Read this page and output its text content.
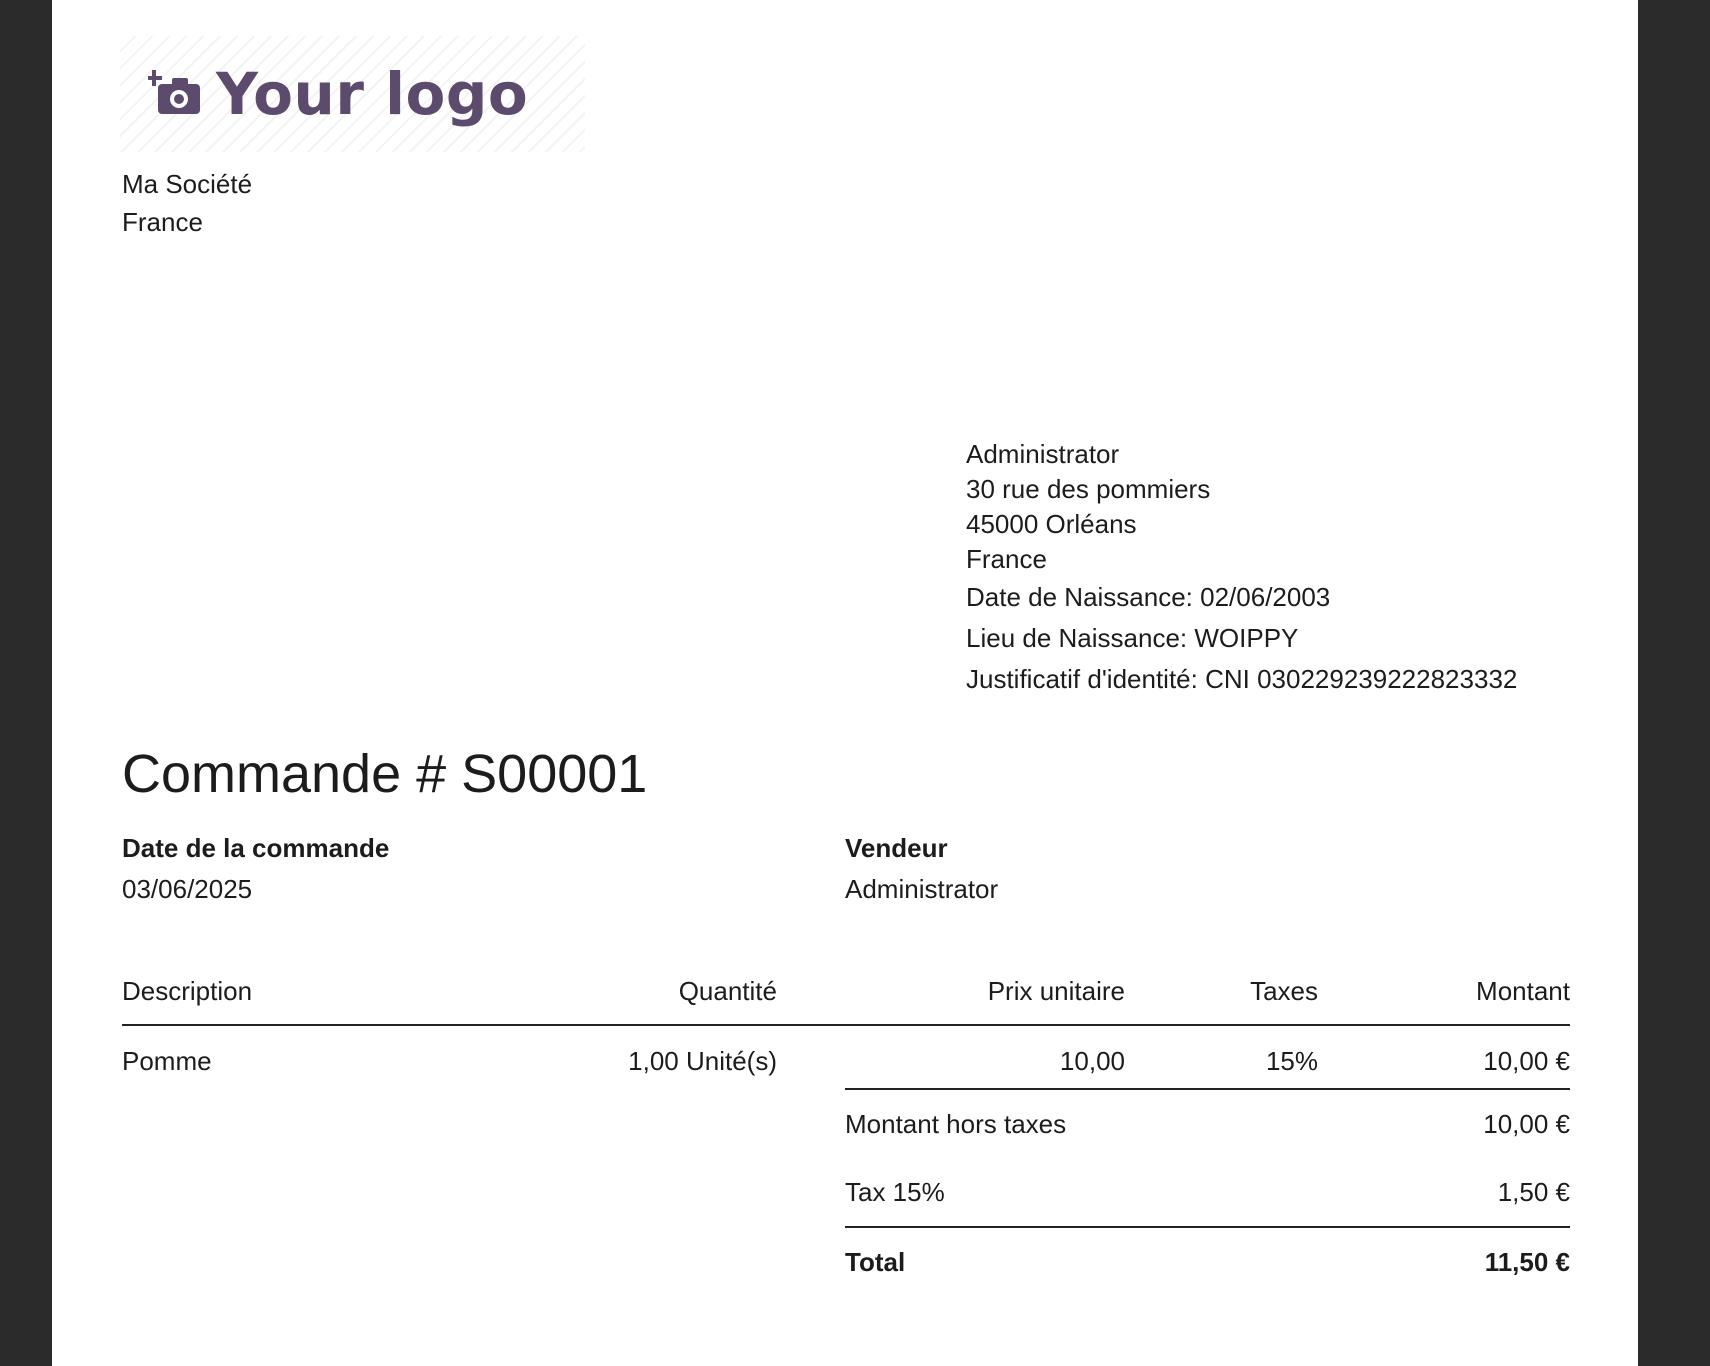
Your logo
Ma Société
France
Administrator
30 rue des pommiers
45000 Orléans
France
Date de Naissance: 02/06/2003
Lieu de Naissance: WOIPPY
Justificatif d'identité: CNI 030229239222823332
Commande # S00001
Date de la commande
03/06/2025
Vendeur
Administrator
Description	Quantité	Prix unitaire	Taxes	Montant
Pomme	1,00 Unité(s)	10,00	15%	10,00 €
Montant hors taxes	10,00 €
Tax 15%	1,50 €
Total	11,50 €
